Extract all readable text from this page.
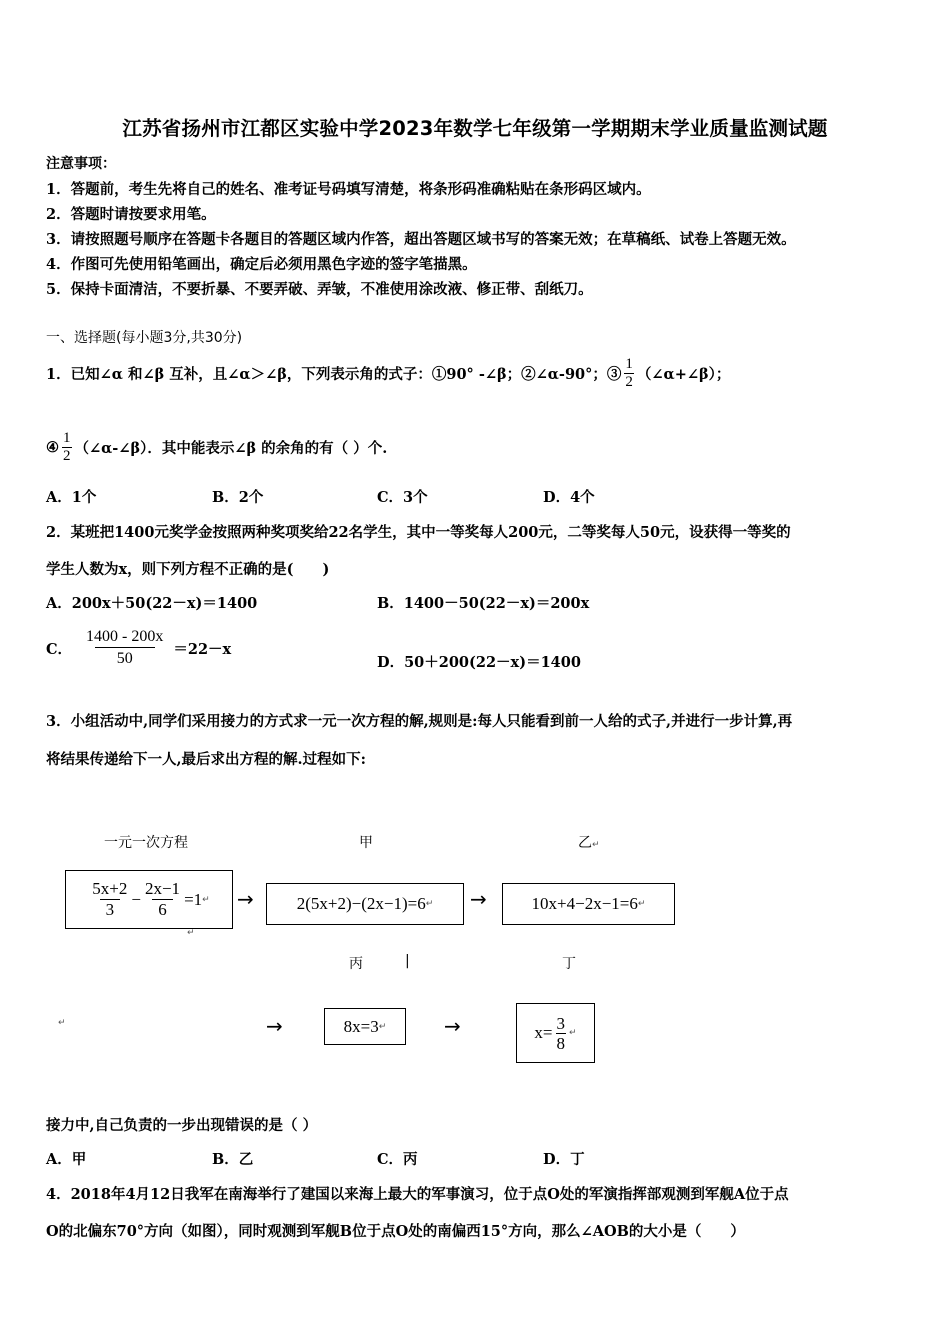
江苏省扬州市江都区实验中学2023年数学七年级第一学期期末学业质量监测试题
注意事项：
1．答题前，考生先将自己的姓名、准考证号码填写清楚，将条形码准确粘贴在条形码区域内。
2．答题时请按要求用笔。
3．请按照题号顺序在答题卡各题目的答题区域内作答，超出答题区域书写的答案无效；在草稿纸、试卷上答题无效。
4．作图可先使用铅笔画出，确定后必须用黑色字迹的签字笔描黑。
5．保持卡面清洁，不要折暴、不要弄破、弄皱，不准使用涂改液、修正带、刮纸刀。
一、选择题(每小题3分,共30分)
1．已知∠α 和∠β 互补，且∠α＞∠β，下列表示角的式子：①90° -∠β；②∠α-90°；③ $\frac{1}{2}$ （∠α+∠β）；
④ $\frac{1}{2}$ （∠α-∠β）．其中能表示∠β 的余角的有（ ）个.
A．1个	B．2个	C．3个	D．4个
2．某班把1400元奖学金按照两种奖项奖给22名学生，其中一等奖每人200元，二等奖每人50元，设获得一等奖的
学生人数为x，则下列方程不正确的是(　　)
A．200x＋50(22－x)＝1400	B．1400－50(22－x)＝200x
C． $\frac{1400 - 200x}{50} =22-x$
D．50＋200(22－x)＝1400
3．小组活动中,同学们采用接力的方式求一元一次方程的解,规则是:每人只能看到前一人给的式子,并进行一步计算,再
将结果传递给下一人,最后求出方程的解.过程如下:
一元一次方程	甲	乙↵
$\frac{5x+2}{3} - \frac{2x-1}{6} =1$ ↵
↵
→	2(5x+2)−(2x−1)=6 ↵ →	10x+4−2x−1=6 ↵
丙	|	丁
↵	→	8x=3 ↵	→	$x= \frac{3}{8}$ ↵
接力中,自己负责的一步出现错误的是（ ）
A．甲	B．乙	C．丙	D．丁
4．2018年4月12日我军在南海举行了建国以来海上最大的军事演习，位于点O处的军演指挥部观测到军舰A位于点
O的北偏东70°方向（如图），同时观测到军舰B位于点O处的南偏西15°方向，那么∠AOB的大小是（　　）
